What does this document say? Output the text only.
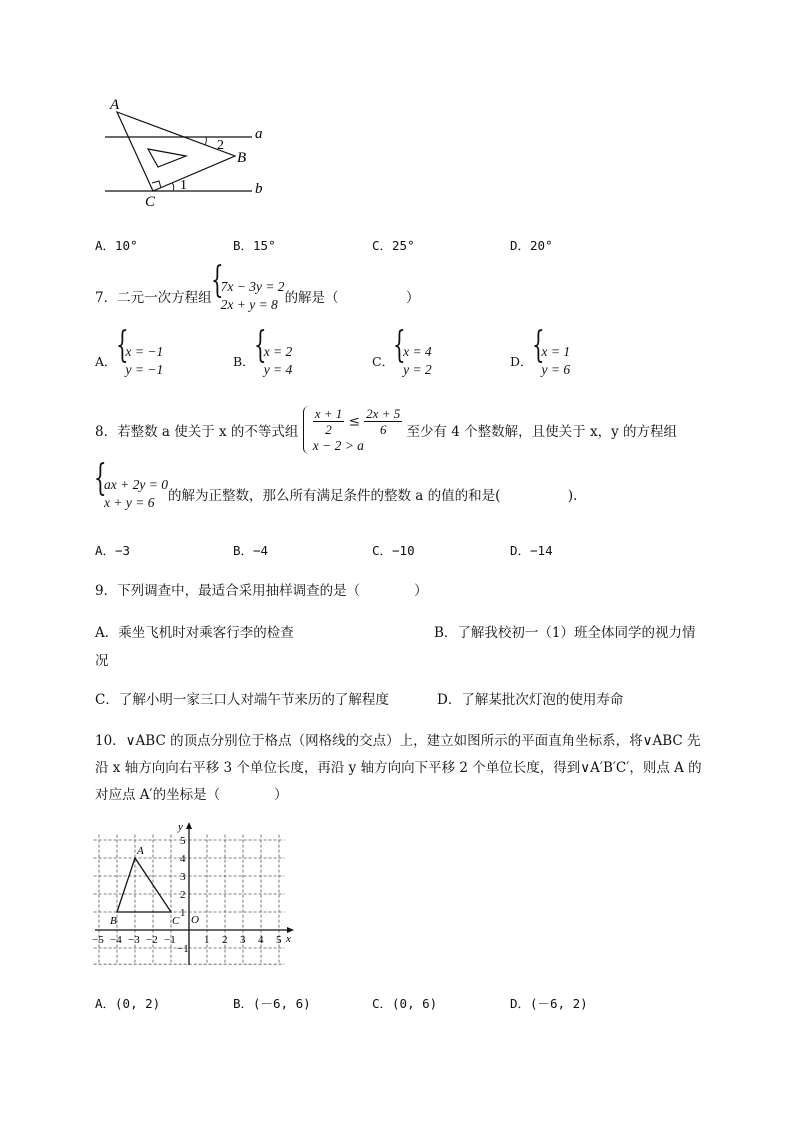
A
B
C
a
b
1
2
A．10°	B．15°	C．25°	D．20°
7．二元一次方程组
{ 7x − 3y = 2
2x + y = 8 的解是（　　　　　）
A．
{ x = −1
y = −1
B．
{ x = 2
y = 4
C．
{ x = 4
y = 2
D．
{ x = 1
y = 6
8．若整数 a 使关于 x 的不等式组 $\frac{x + 1}{2} \le \frac{2x + 5}{6}$
x − 2 > a
至少有 4 个整数解，且使关于 x，y 的方程组
{ ax + 2y = 0
x + y = 6	的解为正整数，那么所有满足条件的整数 a 的值的和是(　　　　　)．
A．−3	B．−4	C．−10	D．−14
9．下列调查中，最适合采用抽样调查的是（　　　　）
A．乘坐飞机时对乘客行李的检查	B．了解我校初一（1）班全体同学的视力情
况
C．了解小明一家三口人对端午节来历的了解程度	D．了解某批次灯泡的使用寿命
10．∨ABC 的顶点分别位于格点（网格线的交点）上，建立如图所示的平面直角坐标系，将∨ABC 先
沿 x 轴方向向右平移 3 个单位长度，再沿 y 轴方向向下平移 2 个单位长度，得到∨A′B′C′，则点 A 的
对应点 A′的坐标是（　　　　）
x
y
O
A
B	C
−5 −4 −3 −2 −1	1 2 3 4 5
5
4
3
2
1
−1
A．(0, 2)	B．(－6, 6)	C．(0, 6)	D．(－6, 2)
